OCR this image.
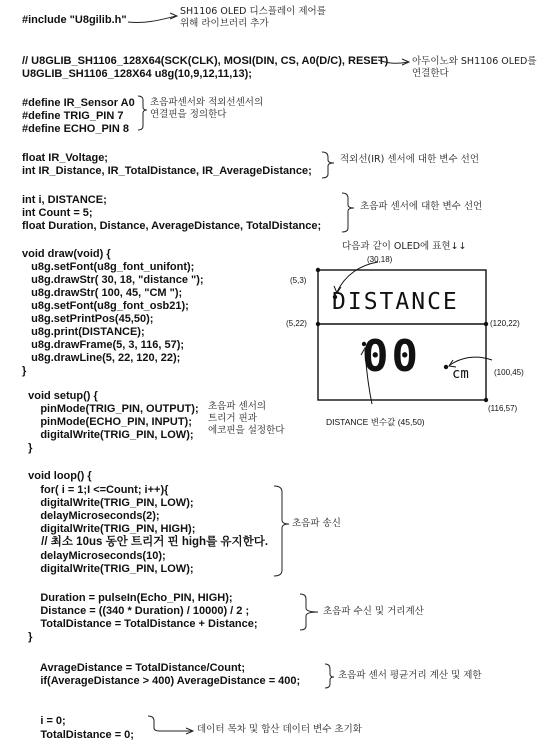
#include "U8gilib.h"
// U8GLIB_SH1106_128X64(SCK(CLK), MOSI(DIN, CS, A0(D/C), RESET)
U8GLIB_SH1106_128X64 u8g(10,9,12,11,13);
#define IR_Sensor A0
#define TRIG_PIN 7
#define ECHO_PIN 8
float IR_Voltage;
int IR_Distance, IR_TotalDistance, IR_AverageDistance;
int i, DISTANCE;
int Count = 5;
float Duration, Distance, AverageDistance, TotalDistance;
void draw(void) {
u8g.setFont(u8g_font_unifont);
u8g.drawStr( 30, 18, "distance ");
u8g.drawStr( 100, 45, "CM ");
u8g.setFont(u8g_font_osb21);
u8g.setPrintPos(45,50);
u8g.print(DISTANCE);
u8g.drawFrame(5, 3, 116, 57);
u8g.drawLine(5, 22, 120, 22);
}
void setup() {
pinMode(TRIG_PIN, OUTPUT);
pinMode(ECHO_PIN, INPUT);
digitalWrite(TRIG_PIN, LOW);
}
void loop() {
for( i = 1;I <=Count; i++){
digitalWrite(TRIG_PIN, LOW);
delayMicroseconds(2);
digitalWrite(TRIG_PIN, HIGH);
// 최소 10us 동안 트리거 핀 high를 유지한다.
delayMicroseconds(10);
digitalWrite(TRIG_PIN, LOW);
Duration = pulseIn(Echo_PIN, HIGH);
Distance = ((340 * Duration) / 10000) / 2 ;
TotalDistance = TotalDistance + Distance;
}
AvrageDistance = TotalDistance/Count;
if(AverageDistance > 400) AverageDistance = 400;
i = 0;
TotalDistance = 0;
SH1106 OLED 디스플레이 제어를
위해 라이브러리 추가
아두이노와 SH1106 OLED를
연결한다
초음파센서와 적외선센서의
연결핀을 정의한다
적외선(IR) 센서에 대한 변수 선언
초음파 센서에 대한 변수 선언
다음과 같이 OLED에 표현↓↓
초음파 센서의
트리거 핀과
에코핀을 설정한다
초음파 송신
초음파 수신 및 거리계산
초음파 센서 평균거리 계산 및 제한
데이터 목차 및 합산 데이터 변수 초기화
DISTANCE
00 cm
(30,18)
(5,3)
(5,22)	(120,22)
(100,45)
(116,57)
DISTANCE 변수값 (45,50)
